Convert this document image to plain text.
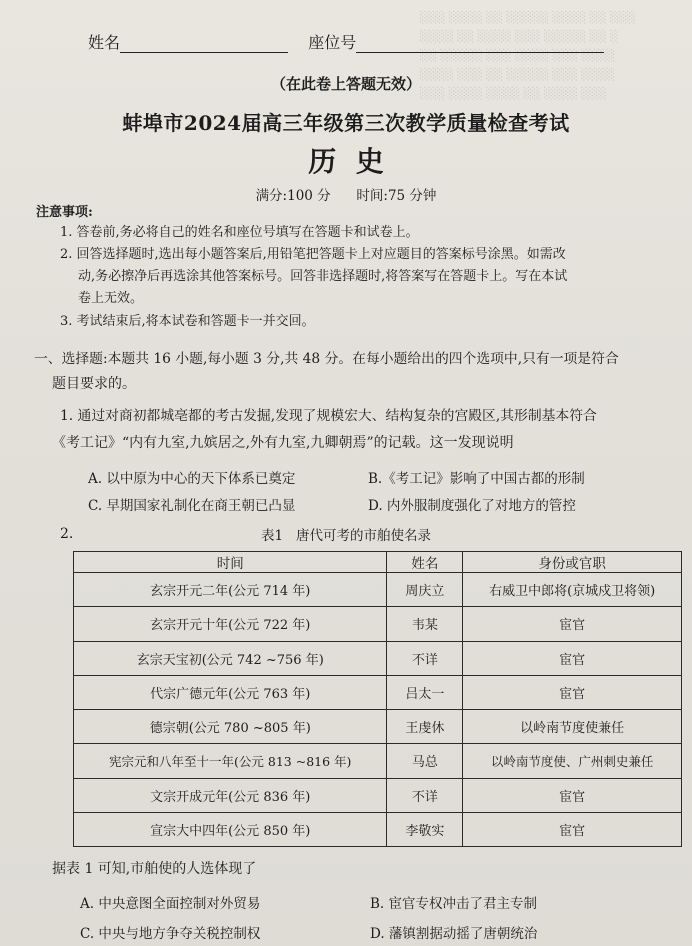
░░░ ░░░░ ░░ ░░░░░ ░░░░ ░░ ░░░
░░░░ ░░ ░░░░ ░░░ ░░░░░ ░░ ░
░░ ░░░░░ ░░░ ░░░░ ░░░ ░░░░
░░░░ ░░░ ░░ ░░░░░ ░░░ ░░░░
░░░ ░░░░ ░░░░ ░░ ░░░░ ░░░
姓名	座位号
（在此卷上答题无效）
蚌埠市2024届高三年级第三次教学质量检查考试
历  史
满分:100 分      时间:75 分钟
注意事项:
1. 答卷前,务必将自己的姓名和座位号填写在答题卡和试卷上。
2. 回答选择题时,选出每小题答案后,用铅笔把答题卡上对应题目的答案标号涂黑。如需改
动,务必擦净后再选涂其他答案标号。回答非选择题时,将答案写在答题卡上。写在本试
卷上无效。
3. 考试结束后,将本试卷和答题卡一并交回。
一、选择题:本题共 16 小题,每小题 3 分,共 48 分。在每小题给出的四个选项中,只有一项是符合
题目要求的。
1. 通过对商初都城亳都的考古发掘,发现了规模宏大、结构复杂的宫殿区,其形制基本符合
《考工记》“内有九室,九嫔居之,外有九室,九卿朝焉”的记载。这一发现说明
A. 以中原为中心的天下体系已奠定	B.《考工记》影响了中国古都的形制
C. 早期国家礼制化在商王朝已凸显	D. 内外服制度强化了对地方的管控
2.	表1   唐代可考的市舶使名录
时间	姓名	身份或官职
玄宗开元二年(公元 714 年)	周庆立	右威卫中郎将(京城戍卫将领)
玄宗开元十年(公元 722 年)	韦某	宦官
玄宗天宝初(公元 742 ~756 年)	不详	宦官
代宗广德元年(公元 763 年)	吕太一	宦官
德宗朝(公元 780 ~805 年)	王虔休	以岭南节度使兼任
宪宗元和八年至十一年(公元 813 ~816 年)	马总	以岭南节度使、广州刺史兼任
文宗开成元年(公元 836 年)	不详	宦官
宣宗大中四年(公元 850 年)	李敬实	宦官
据表 1 可知,市舶使的人选体现了
A. 中央意图全面控制对外贸易	B. 宦官专权冲击了君主专制
C. 中央与地方争夺关税控制权	D. 藩镇割据动摇了唐朝统治
